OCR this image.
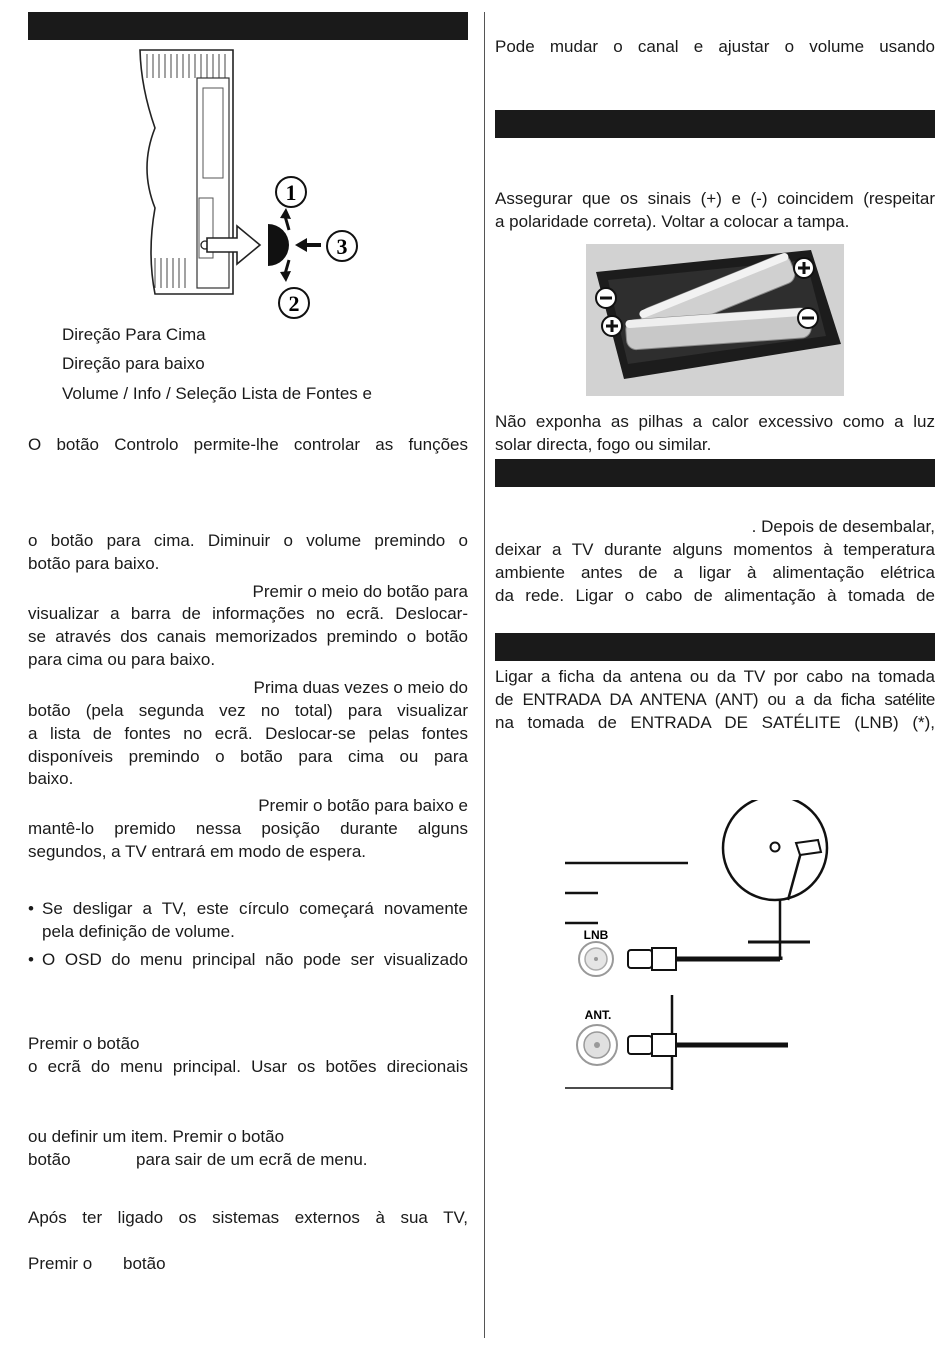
1
3
2

Direção Para Cima

Direção para baixo

Volume / Info / Seleção Lista de Fontes e

O botão Controlo permite-lhe controlar as funções

o botão para cima. Diminuir o volume premindo o

botão para baixo.

Premir o meio do botão para

visualizar a barra de informações no ecrã. Deslocar-

se através dos canais memorizados premindo o botão

para cima ou para baixo.

Prima duas vezes o meio do

botão (pela segunda vez no total) para visualizar

a lista de fontes no ecrã. Deslocar-se pelas fontes

disponíveis premindo o botão para cima ou para

baixo.

Premir o botão para baixo e

mantê-lo premido nessa posição durante alguns

segundos, a TV entrará em modo de espera.

• Se desligar a TV, este círculo começará novamente
pela definição de volume.
• O OSD do menu principal não pode ser visualizado

Premir o botão

o ecrã do menu principal. Usar os botões direcionais

ou definir um item. Premir o botão

botão	para sair de um ecrã de menu.

Após ter ligado os sistemas externos à sua TV,

Premir o botão

Pode mudar o canal e ajustar o volume usando

Assegurar que os sinais (+) e (-) coincidem (respeitar

a polaridade correta). Voltar a colocar a tampa.

Não exponha as pilhas a calor excessivo como a luz

solar directa, fogo ou similar.

. Depois de desembalar,

deixar a TV durante alguns momentos à temperatura

ambiente antes de a ligar à alimentação elétrica

da rede. Ligar o cabo de alimentação à tomada de

Ligar a ficha da antena ou da TV por cabo na tomada

de ENTRADA DA ANTENA (ANT) ou a da ficha satélite

na tomada de ENTRADA DE SATÉLITE (LNB) (*),

LNB
ANT.
